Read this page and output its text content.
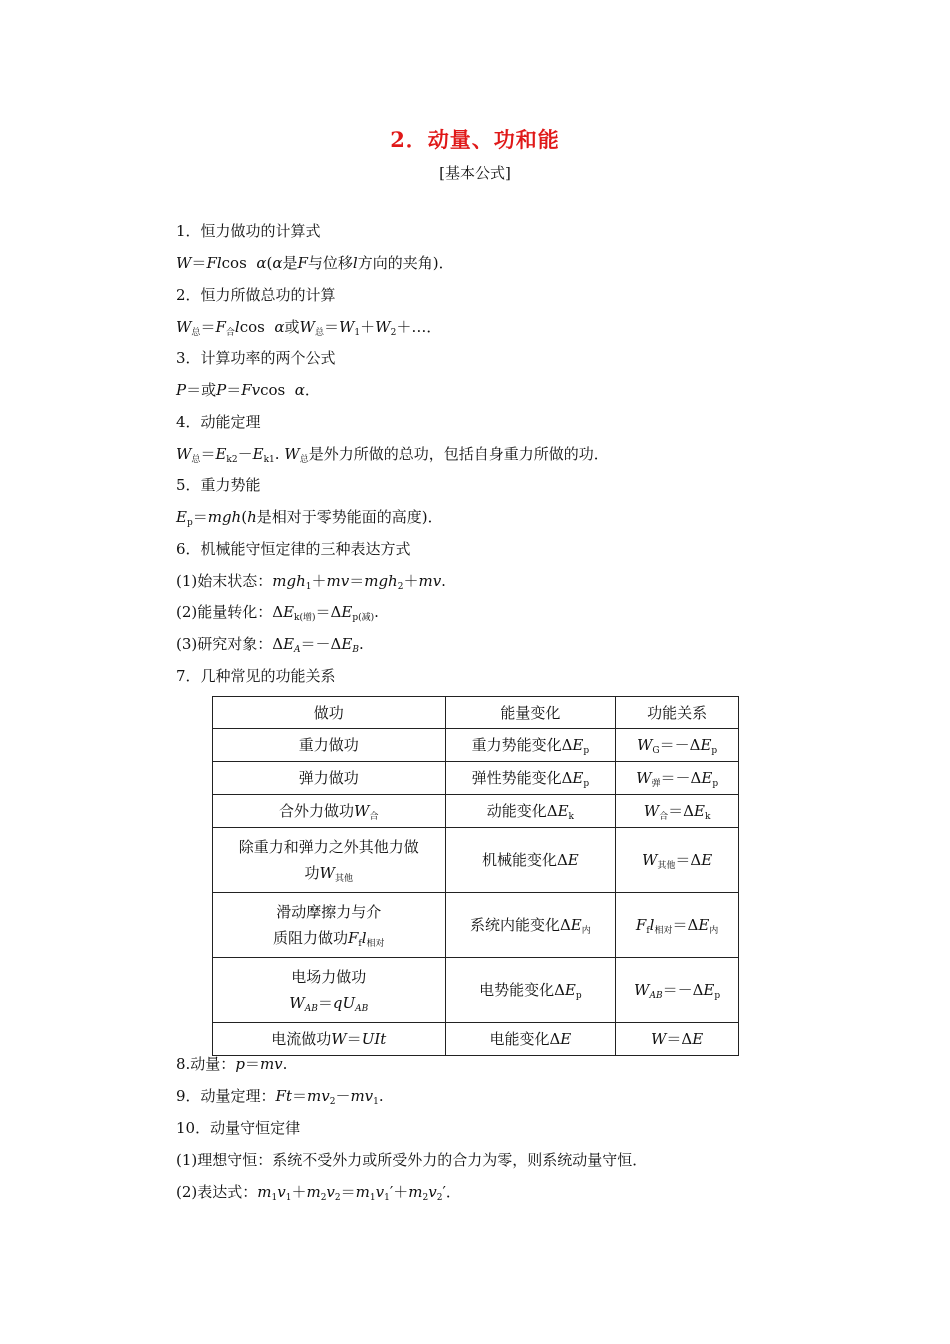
2．动量、功和能
[基本公式]
1．恒力做功的计算式
W＝Flcos  α(α是F与位移l方向的夹角)．
2．恒力所做总功的计算
$W_总=F_合lcos$  α或$W_总=W_1+W_2+\dots$．
3．计算功率的两个公式
P＝或P＝Fvcos  α．
4．动能定理
$W_总=E_{k2}-E_{k1}$. $W_总$是外力所做的总功，包括自身重力所做的功．
5．重力势能
$E_p=mgh(h$是相对于零势能面的高度)．
6．机械能守恒定律的三种表达方式
(1)始末状态：mgh$_1$＋mv＝mgh$_2$＋mv.
(2)能量转化：$\Delta E_{k(增)}=\Delta E_{p(减)}$.
(3)研究对象：$\Delta E_A=-\Delta E_B$.
7．几种常见的功能关系
做功	能量变化	功能关系
重力做功	重力势能变化$\Delta E_p$	$W_G=-\Delta E_p$
弹力做功	弹性势能变化$\Delta E_p$	$W_弹=-\Delta E_p$
合外力做功$W_合$	动能变化$\Delta E_k$	$W_合=\Delta E_k$
除重力和弹力之外其他力做
功$W_{其他}$	机械能变化ΔE	$W_{其他}=\Delta E$
滑动摩擦力与介
质阻力做功$F_fl_{相对}$	系统内能变化$\Delta E_内$	$F_fl_{相对}=\Delta E_内$
电场力做功
$W_{AB}=qU_{AB}$	电势能变化$\Delta E_p$	$W_{AB}=-\Delta E_p$
电流做功W＝UIt	电能变化ΔE	W＝ΔE
8.动量：p＝mv.
9．动量定理：$Ft=mv_2-mv_1$.
10．动量守恒定律
(1)理想守恒：系统不受外力或所受外力的合力为零，则系统动量守恒．
(2)表达式：$m_1v_1+m_2v_2=m_1v_1'+m_2v_2'$．
